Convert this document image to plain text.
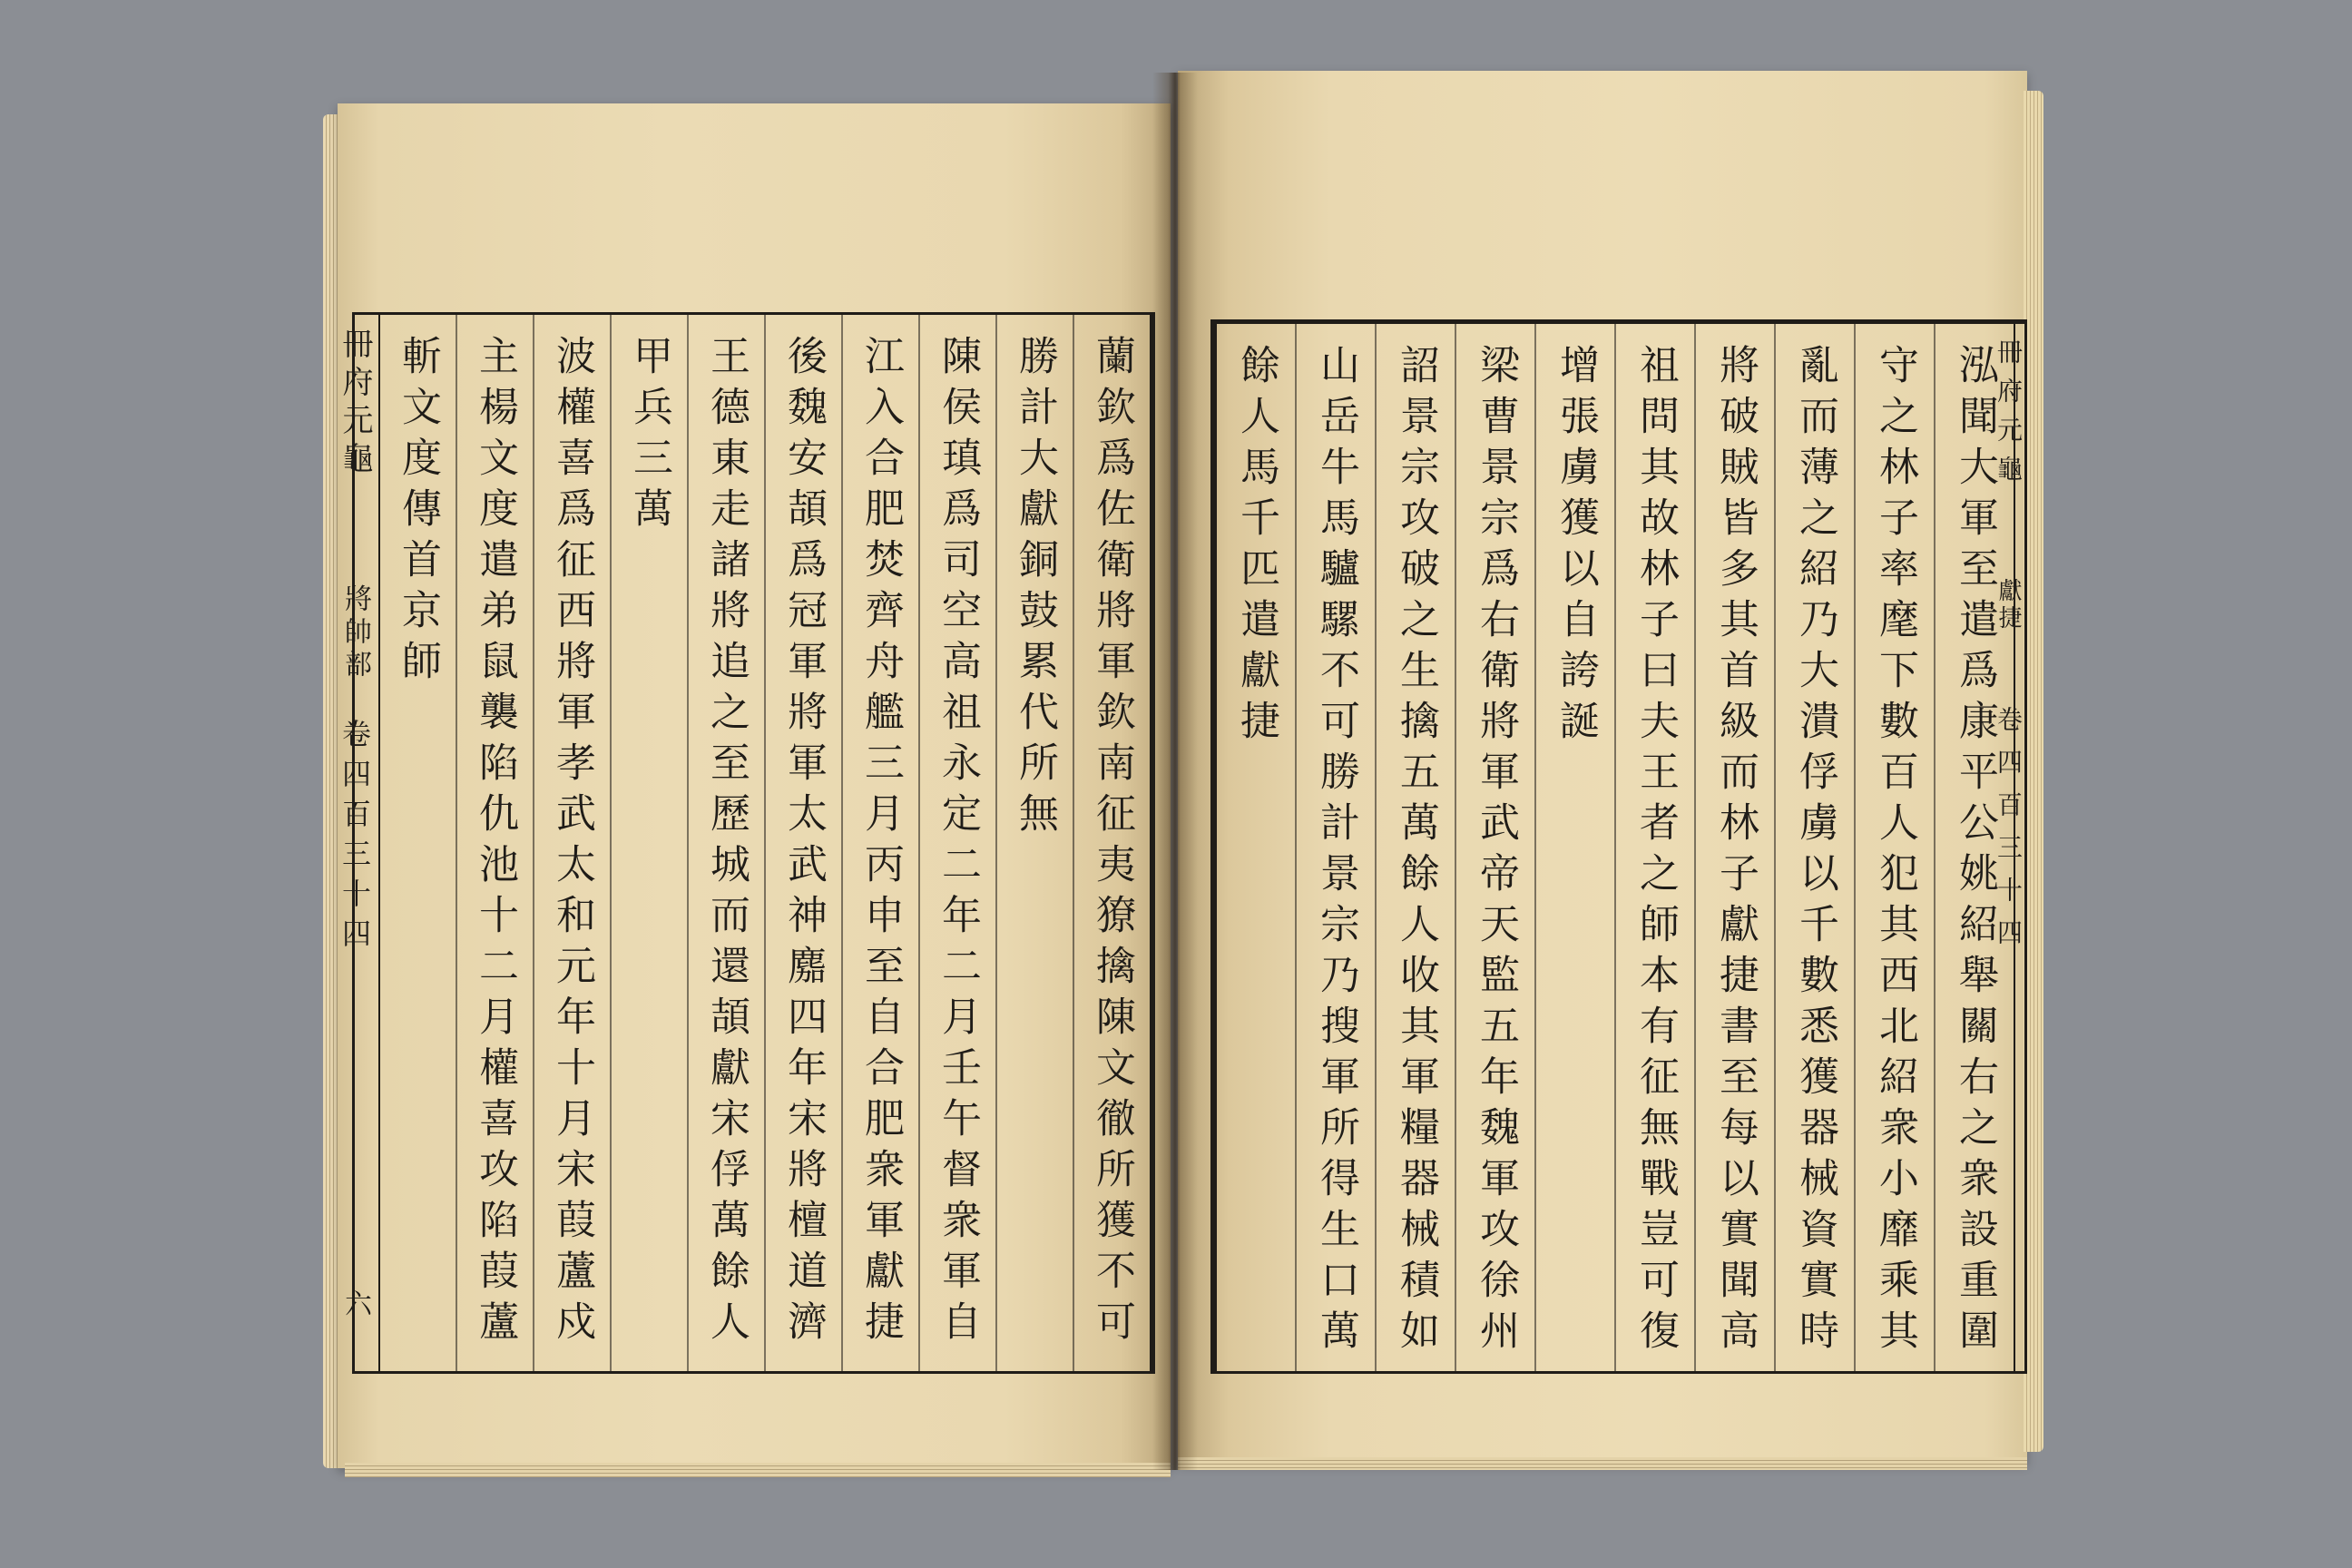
冊府元龜
將帥部
卷四百三十四
六	蘭欽爲佐衛將軍欽南征夷獠擒陳文徹所獲不可
勝計大獻銅鼓累代所無
陳侯瑱爲司空高祖永定二年二月壬午督衆軍自
江入合肥焚齊舟艦三月丙申至自合肥衆軍獻捷
後魏安頡爲冠軍將軍太武神䴥四年宋將檀道濟
王德東走諸將追之至歷城而還頡獻宋俘萬餘人
甲兵三萬
波權喜爲征西將軍孝武太和元年十月宋葭蘆戍
主楊文度遣弟鼠襲陷仇池十二月權喜攻陷葭蘆
斬文度傳首京師	泓聞大軍至遣爲康平公姚紹舉關右之衆設重圍
守之林子率麾下數百人犯其西北紹衆小靡乘其
亂而薄之紹乃大潰俘虜以千數悉獲器械資實時
將破賊皆多其首級而林子獻捷書至每以實聞高
祖問其故林子曰夫王者之師本有征無戰豈可復
增張虜獲以自誇誕
梁曹景宗爲右衛將軍武帝天監五年魏軍攻徐州
詔景宗攻破之生擒五萬餘人收其軍糧器械積如
山岳牛馬驢騾不可勝計景宗乃搜軍所得生口萬
餘人馬千匹遣獻捷	冊府元龜
獻捷
卷四百三十四
